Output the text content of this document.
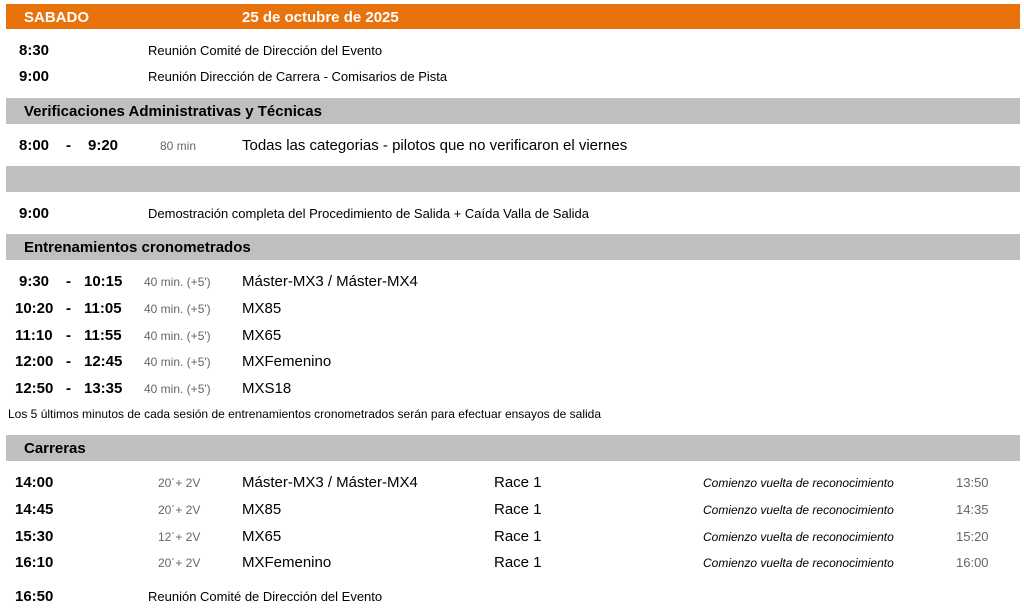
SABADO	25 de octubre de 2025
8:30	Reunión Comité de Dirección del Evento
9:00	Reunión Dirección de Carrera - Comisarios de Pista
Verificaciones Administrativas y Técnicas
8:00 - 9:20	80 min	Todas las categorias - pilotos que no verificaron el viernes
9:00	Demostración completa del Procedimiento de Salida + Caída Valla de Salida
Entrenamientos cronometrados
9:30 - 10:15 40 min. (+5') Máster-MX3 / Máster-MX4
10:20 - 11:05 40 min. (+5') MX85
11:10 - 11:55 40 min. (+5') MX65
12:00 - 12:45 40 min. (+5') MXFemenino
12:50 - 13:35 40 min. (+5') MXS18
Los 5 últimos minutos de cada sesión de entrenamientos cronometrados serán para efectuar ensayos de salida
Carreras
14:00	20´+ 2V	Máster-MX3 / Máster-MX4	Race 1	Comienzo vuelta de reconocimiento	13:50
14:45	20´+ 2V	MX85	Race 1	Comienzo vuelta de reconocimiento	14:35
15:30	12´+ 2V	MX65	Race 1	Comienzo vuelta de reconocimiento	15:20
16:10	20´+ 2V	MXFemenino	Race 1	Comienzo vuelta de reconocimiento	16:00
16:50	Reunión Comité de Dirección del Evento
